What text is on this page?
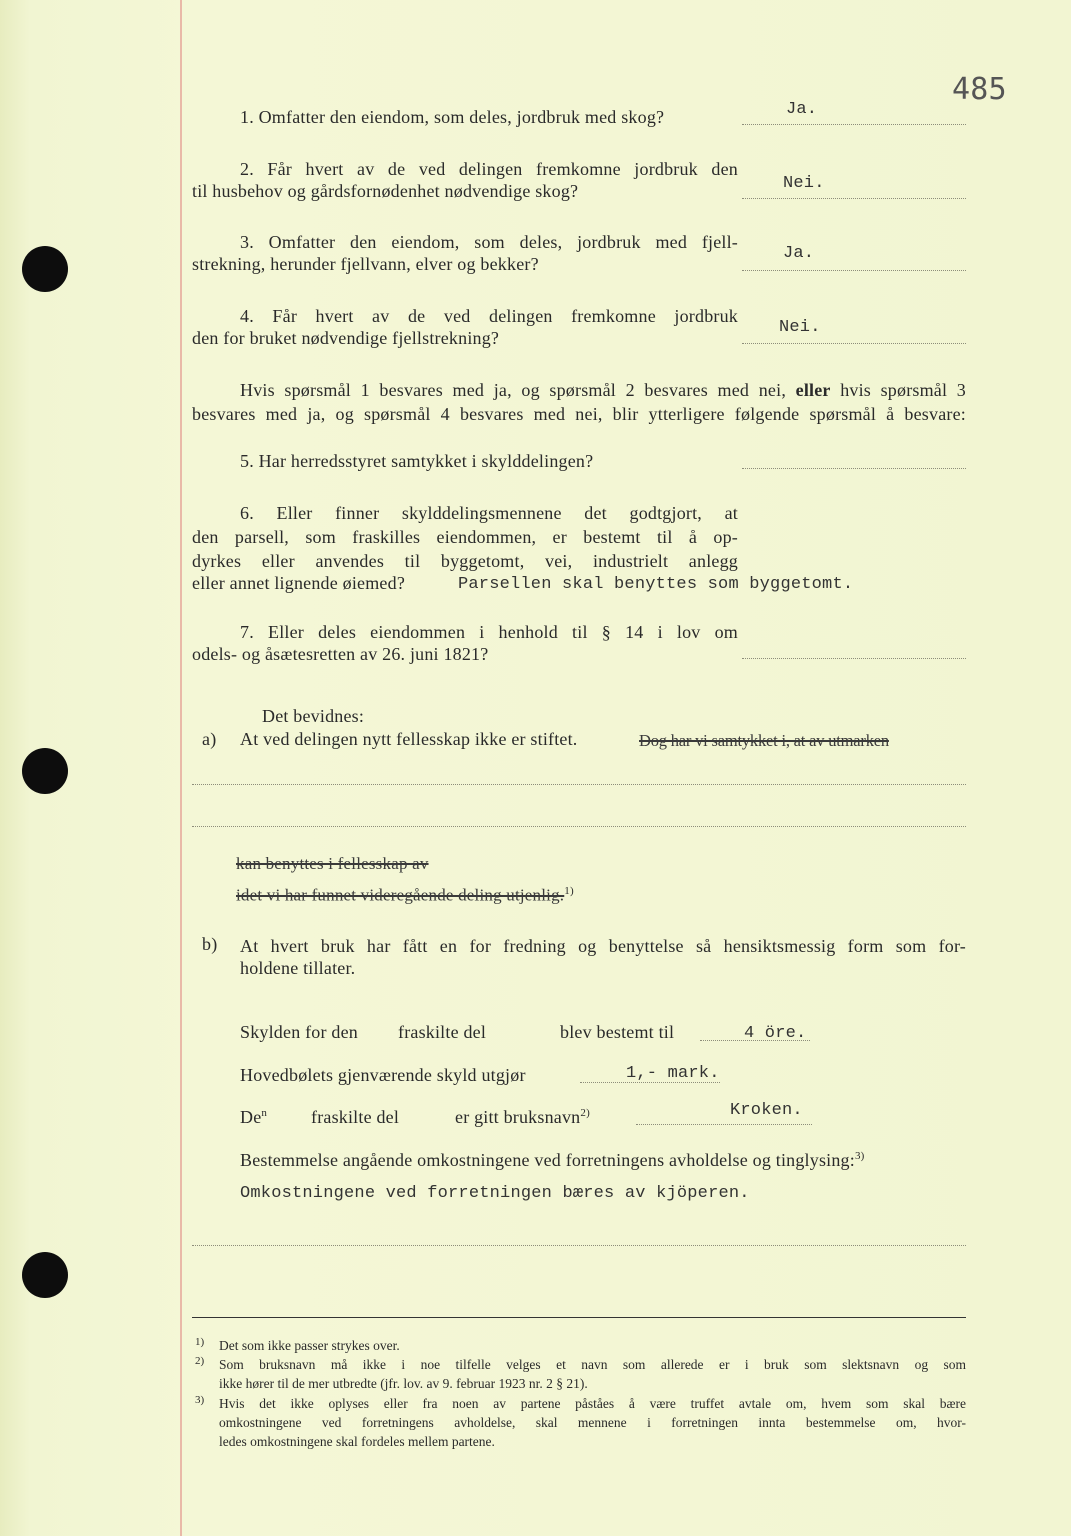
485
1. Omfatter den eiendom, som deles, jordbruk med skog?	Ja.
2. Får hvert av de ved delingen fremkomne jordbruk den
til husbehov og gårdsfornødenhet nødvendige skog?	Nei.
3. Omfatter den eiendom, som deles, jordbruk med fjell-
strekning, herunder fjellvann, elver og bekker?
Ja.
4. Får hvert av de ved delingen fremkomne jordbruk
den for bruket nødvendige fjellstrekning?
Nei.
Hvis spørsmål 1 besvares med ja, og spørsmål 2 besvares med nei, eller hvis spørsmål 3
besvares med ja, og spørsmål 4 besvares med nei, blir ytterligere følgende spørsmål å besvare:
5. Har herredsstyret samtykket i skylddelingen?
6. Eller finner skylddelingsmennene det godtgjort, at
den parsell, som fraskilles eiendommen, er bestemt til å op-
dyrkes eller anvendes til byggetomt, vei, industrielt anlegg
eller annet lignende øiemed?	Parsellen skal benyttes som byggetomt.
7. Eller deles eiendommen i henhold til § 14 i lov om
odels- og åsætesretten av 26. juni 1821?
Det bevidnes:
a) At ved delingen nytt fellesskap ikke er stiftet.	Dog har vi samtykket i, at av utmarken
kan benyttes i fellesskap av
idet vi har funnet videregående deling utjenlig.$^{1)}$
b) At hvert bruk har fått en for fredning og benyttelse så hensiktsmessig form som for-
holdene tillater.
Skylden for den fraskilte del	blev bestemt til	4 öre.
Hovedbølets gjenværende skyld utgjør	1,- mark.
De$^n$ fraskilte del	er gitt bruksnavn$^{2)}$	Kroken.
Bestemmelse angående omkostningene ved forretningens avholdelse og tinglysing:$^{3)}$
Omkostningene ved forretningen bæres av kjöperen.
1) Det som ikke passer strykes over.
2) Som bruksnavn må ikke i noe tilfelle velges et navn som allerede er i bruk som slektsnavn og som
ikke hører til de mer utbredte (jfr. lov. av 9. februar 1923 nr. 2 § 21).
3) Hvis det ikke oplyses eller fra noen av partene påståes å være truffet avtale om, hvem som skal bære
omkostningene ved forretningens avholdelse, skal mennene i forretningen innta bestemmelse om, hvor-
ledes omkostningene skal fordeles mellem partene.
